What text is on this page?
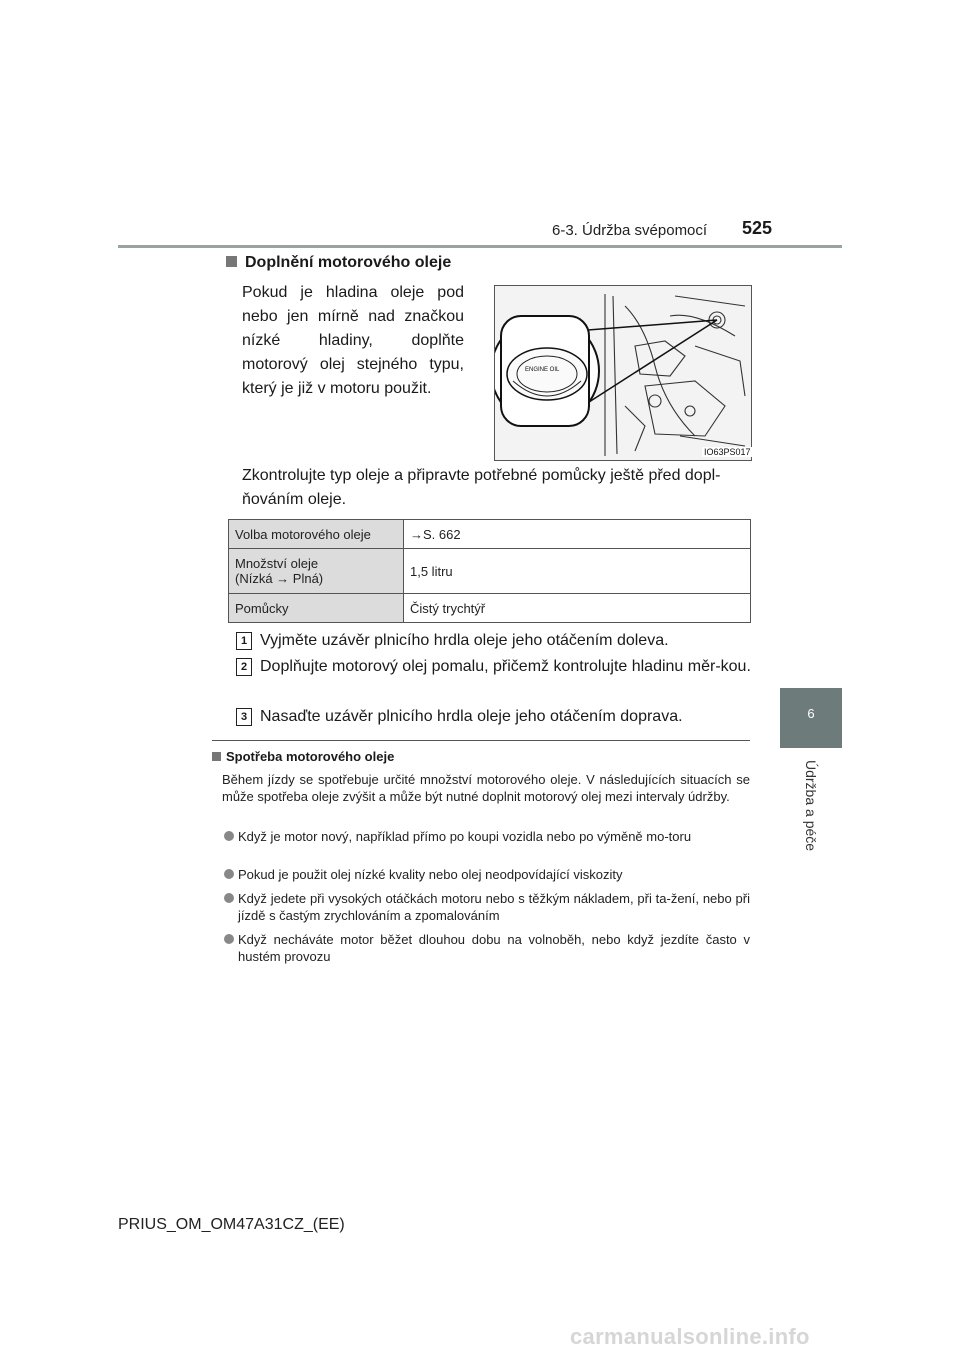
6-3. Údržba svépomocí 525
6
Údržba a péče
Doplnění motorového oleje
Pokud je hladina oleje pod nebo jen mírně nad značkou nízké hladiny, doplňte motorový olej stejného typu, který je již v motoru použit.
ENGINE OIL
IO63PS017
Zkontrolujte typ oleje a připravte potřebné pomůcky ještě před dopl-ňováním oleje.
Volba motorového oleje	→S. 662
Množství oleje
(Nízká → Plná)	1,5 litru
Pomůcky	Čistý trychtýř
1 Vyjměte uzávěr plnicího hrdla oleje jeho otáčením doleva.
2 Doplňujte motorový olej pomalu, přičemž kontrolujte hladinu měr-kou.
3 Nasaďte uzávěr plnicího hrdla oleje jeho otáčením doprava.
Spotřeba motorového oleje
Během jízdy se spotřebuje určité množství motorového oleje. V následujících situacích se může spotřeba oleje zvýšit a může být nutné doplnit motorový olej mezi intervaly údržby.
Když je motor nový, například přímo po koupi vozidla nebo po výměně mo-toru
Pokud je použit olej nízké kvality nebo olej neodpovídající viskozity
Když jedete při vysokých otáčkách motoru nebo s těžkým nákladem, při ta-žení, nebo při jízdě s častým zrychlováním a zpomalováním
Když necháváte motor běžet dlouhou dobu na volnoběh, nebo když jezdíte často v hustém provozu
PRIUS_OM_OM47A31CZ_(EE)
carmanualsonline.info
